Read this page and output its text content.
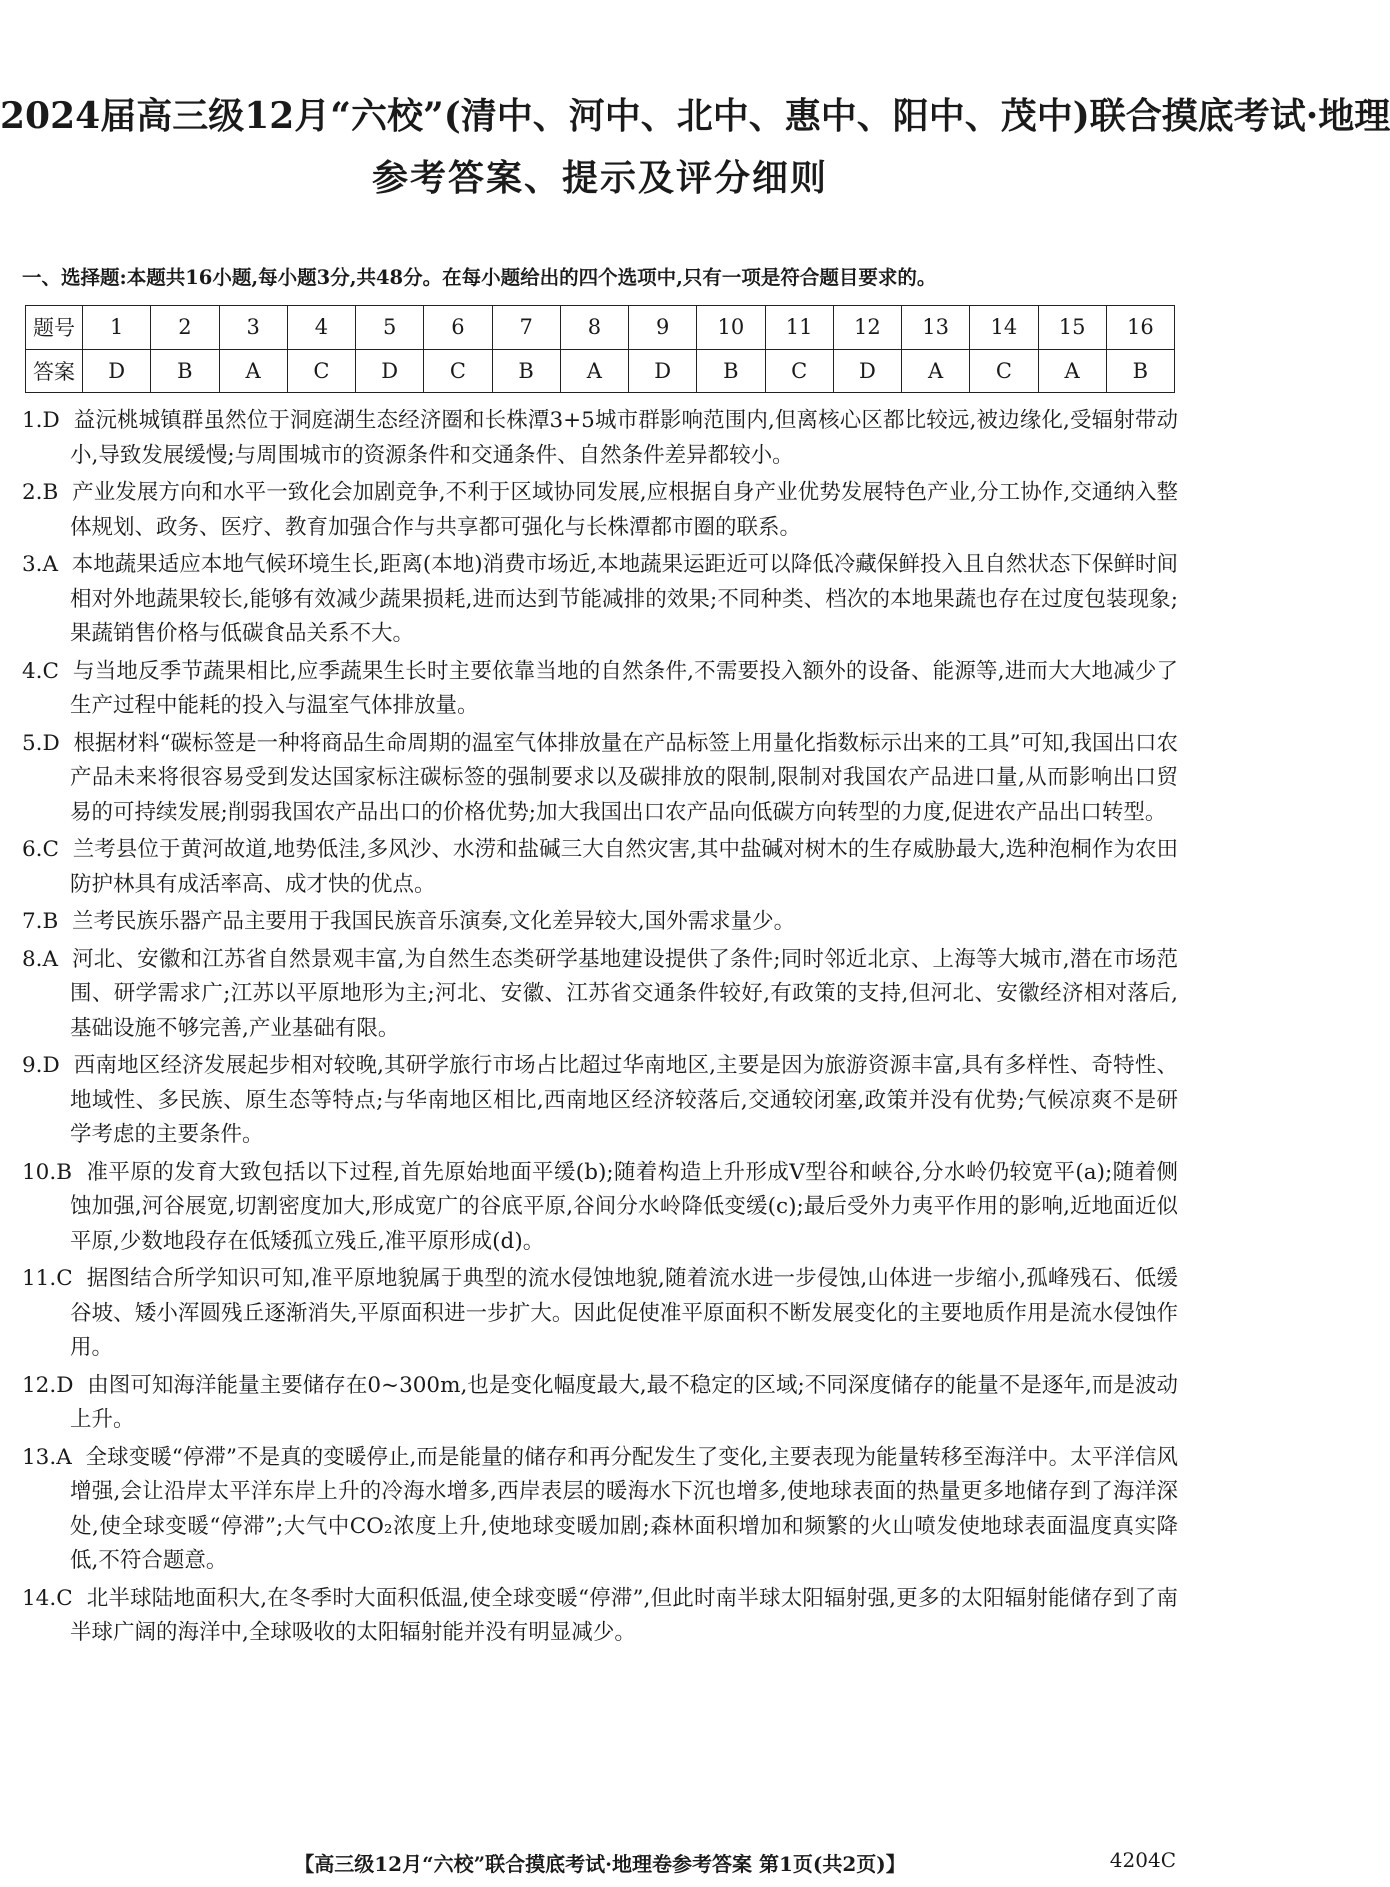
2024届高三级12月“六校”(清中、河中、北中、惠中、阳中、茂中)联合摸底考试·地理
参考答案、提示及评分细则
一、选择题:本题共16小题,每小题3分,共48分。在每小题给出的四个选项中,只有一项是符合题目要求的。
题号	1	2	3	4	5	6	7	8	9	10	11	12	13	14	15	16
答案	D	B	A	C	D	C	B	A	D	B	C	D	A	C	A	B
1.D 益沅桃城镇群虽然位于洞庭湖生态经济圈和长株潭3+5城市群影响范围内,但离核心区都比较远,被边缘化,受辐射带动小,导致发展缓慢;与周围城市的资源条件和交通条件、自然条件差异都较小。
2.B 产业发展方向和水平一致化会加剧竞争,不利于区域协同发展,应根据自身产业优势发展特色产业,分工协作,交通纳入整体规划、政务、医疗、教育加强合作与共享都可强化与长株潭都市圈的联系。
3.A 本地蔬果适应本地气候环境生长,距离(本地)消费市场近,本地蔬果运距近可以降低冷藏保鲜投入且自然状态下保鲜时间相对外地蔬果较长,能够有效减少蔬果损耗,进而达到节能减排的效果;不同种类、档次的本地果蔬也存在过度包装现象;果蔬销售价格与低碳食品关系不大。
4.C 与当地反季节蔬果相比,应季蔬果生长时主要依靠当地的自然条件,不需要投入额外的设备、能源等,进而大大地减少了生产过程中能耗的投入与温室气体排放量。
5.D 根据材料“碳标签是一种将商品生命周期的温室气体排放量在产品标签上用量化指数标示出来的工具”可知,我国出口农产品未来将很容易受到发达国家标注碳标签的强制要求以及碳排放的限制,限制对我国农产品进口量,从而影响出口贸易的可持续发展;削弱我国农产品出口的价格优势;加大我国出口农产品向低碳方向转型的力度,促进农产品出口转型。
6.C 兰考县位于黄河故道,地势低洼,多风沙、水涝和盐碱三大自然灾害,其中盐碱对树木的生存威胁最大,选种泡桐作为农田防护林具有成活率高、成才快的优点。
7.B 兰考民族乐器产品主要用于我国民族音乐演奏,文化差异较大,国外需求量少。
8.A 河北、安徽和江苏省自然景观丰富,为自然生态类研学基地建设提供了条件;同时邻近北京、上海等大城市,潜在市场范围、研学需求广;江苏以平原地形为主;河北、安徽、江苏省交通条件较好,有政策的支持,但河北、安徽经济相对落后,基础设施不够完善,产业基础有限。
9.D 西南地区经济发展起步相对较晚,其研学旅行市场占比超过华南地区,主要是因为旅游资源丰富,具有多样性、奇特性、地域性、多民族、原生态等特点;与华南地区相比,西南地区经济较落后,交通较闭塞,政策并没有优势;气候凉爽不是研学考虑的主要条件。
10.B 准平原的发育大致包括以下过程,首先原始地面平缓(b);随着构造上升形成V型谷和峡谷,分水岭仍较宽平(a);随着侧蚀加强,河谷展宽,切割密度加大,形成宽广的谷底平原,谷间分水岭降低变缓(c);最后受外力夷平作用的影响,近地面近似平原,少数地段存在低矮孤立残丘,准平原形成(d)。
11.C 据图结合所学知识可知,准平原地貌属于典型的流水侵蚀地貌,随着流水进一步侵蚀,山体进一步缩小,孤峰残石、低缓谷坡、矮小浑圆残丘逐渐消失,平原面积进一步扩大。因此促使准平原面积不断发展变化的主要地质作用是流水侵蚀作用。
12.D 由图可知海洋能量主要储存在0~300m,也是变化幅度最大,最不稳定的区域;不同深度储存的能量不是逐年,而是波动上升。
13.A 全球变暖“停滞”不是真的变暖停止,而是能量的储存和再分配发生了变化,主要表现为能量转移至海洋中。太平洋信风增强,会让沿岸太平洋东岸上升的冷海水增多,西岸表层的暖海水下沉也增多,使地球表面的热量更多地储存到了海洋深处,使全球变暖“停滞”;大气中CO₂浓度上升,使地球变暖加剧;森林面积增加和频繁的火山喷发使地球表面温度真实降低,不符合题意。
14.C 北半球陆地面积大,在冬季时大面积低温,使全球变暖“停滞”,但此时南半球太阳辐射强,更多的太阳辐射能储存到了南半球广阔的海洋中,全球吸收的太阳辐射能并没有明显减少。
【高三级12月“六校”联合摸底考试·地理卷参考答案 第1页(共2页)】	4204C
